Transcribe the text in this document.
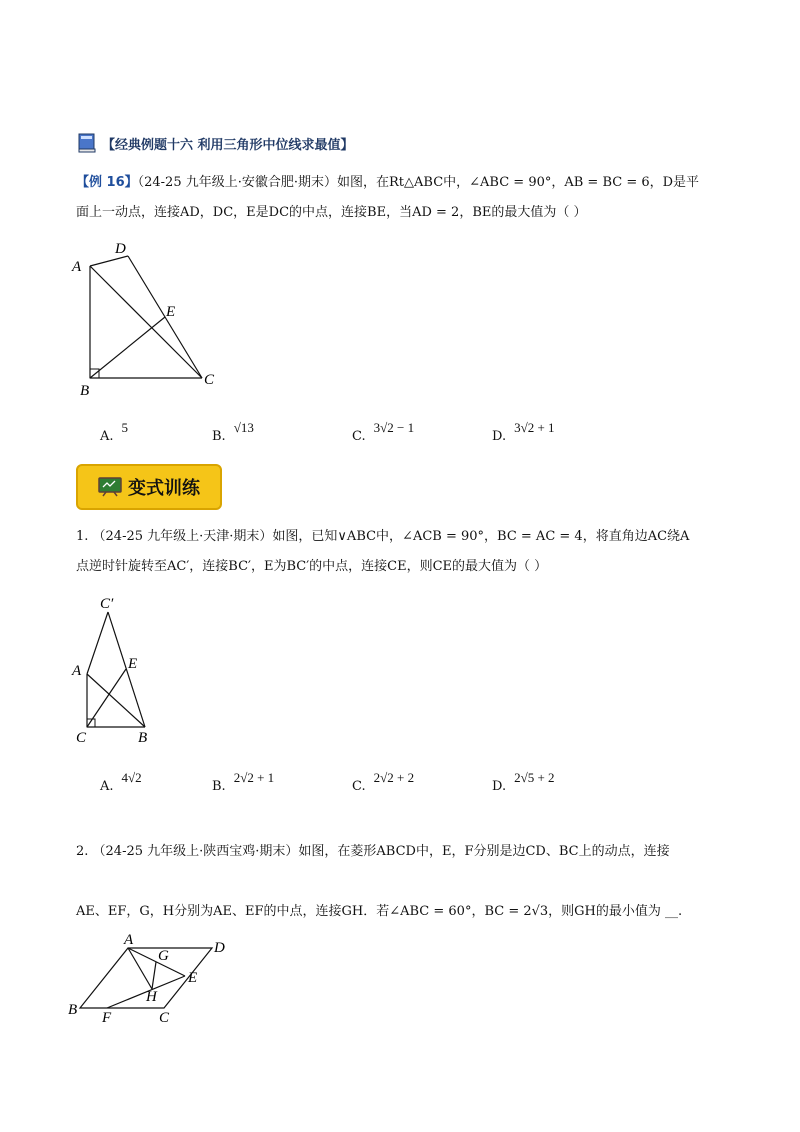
【经典例题十六 利用三角形中位线求最值】
【例 16】（24-25 九年级上·安徽合肥·期末）如图，在Rt△ABC中，∠ABC = 90°，AB = BC = 6，D是平
面上一动点，连接AD，DC，E是DC的中点，连接BE，当AD = 2，BE的最大值为（ ）
A
D
E
B
C
A.5
B.√13
C.3√2 − 1
D.3√2 + 1
变式训练
1. （24-25 九年级上·天津·期末）如图，已知∨ABC中，∠ACB = 90°，BC = AC = 4，将直角边AC绕A
点逆时针旋转至AC′，连接BC′，E为BC′的中点，连接CE，则CE的最大值为（ ）
C′
A	E
C	B
A.4√2
B.2√2 + 1
C.2√2 + 2
D.2√5 + 2
2. （24-25 九年级上·陕西宝鸡·期末）如图，在菱形ABCD中，E，F分别是边CD、BC上的动点，连接
AE、EF，G，H分别为AE、EF的中点，连接GH．若∠ABC = 60°，BC = 2√3，则GH的最小值为 __.
A	D
G
E
H
B F	C
